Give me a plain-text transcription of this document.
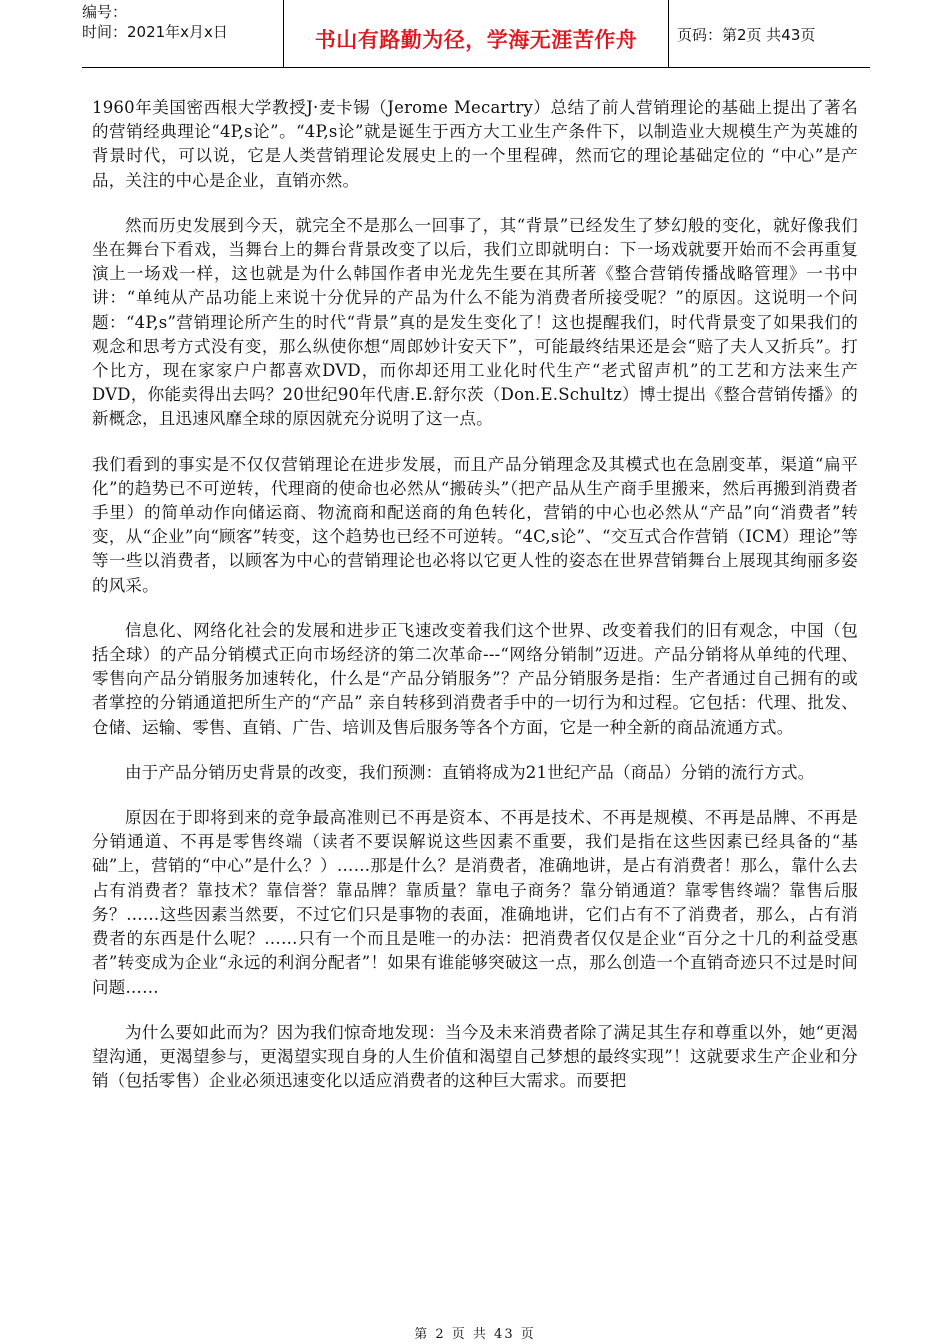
编号：
时间：2021年x月x日	书山有路勤为径，学海无涯苦作舟	页码：第2页 共43页

1960年美国密西根大学教授J·麦卡锡（Jerome Mecartry）总结了前人营销理论的基础上提出了著名的营销经典理论“4P,s论”。“4P,s论”就是诞生于西方大工业生产条件下，以制造业大规模生产为英雄的背景时代，可以说，它是人类营销理论发展史上的一个里程碑，然而它的理论基础定位的 “中心”是产品，关注的中心是企业，直销亦然。

然而历史发展到今天，就完全不是那么一回事了，其“背景”已经发生了梦幻般的变化，就好像我们坐在舞台下看戏，当舞台上的舞台背景改变了以后，我们立即就明白：下一场戏就要开始而不会再重复演上一场戏一样，这也就是为什么韩国作者申光龙先生要在其所著《整合营销传播战略管理》一书中讲：“单纯从产品功能上来说十分优异的产品为什么不能为消费者所接受呢？”的原因。这说明一个问题：“4P,s”营销理论所产生的时代“背景”真的是发生变化了！这也提醒我们，时代背景变了如果我们的观念和思考方式没有变，那么纵使你想“周郎妙计安天下”，可能最终结果还是会“赔了夫人又折兵”。打个比方，现在家家户户都喜欢DVD，而你却还用工业化时代生产“老式留声机”的工艺和方法来生产DVD，你能卖得出去吗？20世纪90年代唐.E.舒尔茨（Don.E.Schultz）博士提出《整合营销传播》的新概念，且迅速风靡全球的原因就充分说明了这一点。

我们看到的事实是不仅仅营销理论在进步发展，而且产品分销理念及其模式也在急剧变革，渠道“扁平化”的趋势已不可逆转，代理商的使命也必然从“搬砖头”（把产品从生产商手里搬来，然后再搬到消费者手里）的简单动作向储运商、物流商和配送商的角色转化，营销的中心也必然从“产品”向“消费者”转变，从“企业”向“顾客”转变，这个趋势也已经不可逆转。“4C,s论”、“交互式合作营销（ICM）理论”等等一些以消费者，以顾客为中心的营销理论也必将以它更人性的姿态在世界营销舞台上展现其绚丽多姿的风采。

信息化、网络化社会的发展和进步正飞速改变着我们这个世界、改变着我们的旧有观念，中国（包括全球）的产品分销模式正向市场经济的第二次革命---“网络分销制”迈进。产品分销将从单纯的代理、零售向产品分销服务加速转化，什么是“产品分销服务”？产品分销服务是指：生产者通过自己拥有的或者掌控的分销通道把所生产的“产品” 亲自转移到消费者手中的一切行为和过程。它包括：代理、批发、仓储、运输、零售、直销、广告、培训及售后服务等各个方面，它是一种全新的商品流通方式。

由于产品分销历史背景的改变，我们预测：直销将成为21世纪产品（商品）分销的流行方式。

原因在于即将到来的竞争最高准则已不再是资本、不再是技术、不再是规模、不再是品牌、不再是分销通道、不再是零售终端（读者不要误解说这些因素不重要，我们是指在这些因素已经具备的“基础”上，营销的“中心”是什么？）……那是什么？是消费者，准确地讲，是占有消费者！那么，靠什么去占有消费者？靠技术？靠信誉？靠品牌？靠质量？靠电子商务？靠分销通道？靠零售终端？靠售后服务？……这些因素当然要，不过它们只是事物的表面，准确地讲，它们占有不了消费者，那么，占有消费者的东西是什么呢？……只有一个而且是唯一的办法：把消费者仅仅是企业“百分之十几的利益受惠者”转变成为企业“永远的利润分配者”！如果有谁能够突破这一点，那么创造一个直销奇迹只不过是时间问题……

为什么要如此而为？因为我们惊奇地发现：当今及未来消费者除了满足其生存和尊重以外，她“更渴望沟通，更渴望参与，更渴望实现自身的人生价值和渴望自己梦想的最终实现”！这就要求生产企业和分销（包括零售）企业必须迅速变化以适应消费者的这种巨大需求。而要把

第 2 页 共 43 页
